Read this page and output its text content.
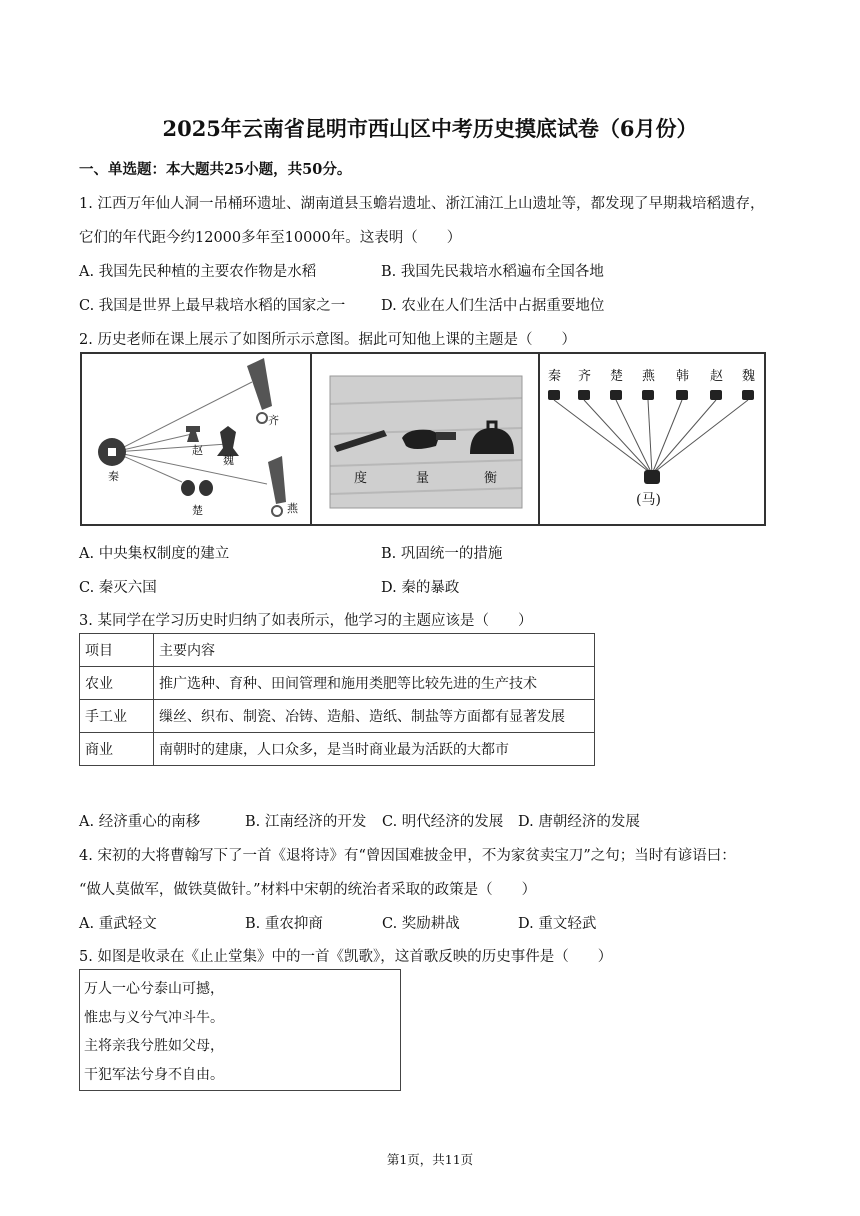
2025年云南省昆明市西山区中考历史摸底试卷（6月份）
一、单选题：本大题共25小题，共50分。
1. 江西万年仙人洞一吊桶环遗址、湖南道县玉蟾岩遗址、浙江浦江上山遗址等，都发现了早期栽培稻遗存，
它们的年代距今约12000多年至10000年。这表明（　　）
A. 我国先民种植的主要农作物是水稻	B. 我国先民栽培水稻遍布全国各地
C. 我国是世界上最早栽培水稻的国家之一 D. 农业在人们生活中占据重要地位
2. 历史老师在课上展示了如图所示示意图。据此可知他上课的主题是（　　）
秦
齐
赵
魏
楚	燕
度	量	衡
秦 齐 楚 燕 韩 赵 魏
(马)
A. 中央集权制度的建立	B. 巩固统一的措施
C. 秦灭六国	D. 秦的暴政
3. 某同学在学习历史时归纳了如表所示，他学习的主题应该是（　　）
项目	主要内容
农业	推广选种、育种、田间管理和施用类肥等比较先进的生产技术
手工业	缫丝、织布、制瓷、冶铸、造船、造纸、制盐等方面都有显著发展
商业	南朝时的建康，人口众多，是当时商业最为活跃的大都市
A. 经济重心的南移	B. 江南经济的开发 C. 明代经济的发展 D. 唐朝经济的发展
4. 宋初的大将曹翰写下了一首《退将诗》有“曾因国难披金甲，不为家贫卖宝刀”之句；当时有谚语曰：
“做人莫做军，做铁莫做针。”材料中宋朝的统治者采取的政策是（　　）
A. 重武轻文	B. 重农抑商	C. 奖励耕战	D. 重文轻武
5. 如图是收录在《止止堂集》中的一首《凯歌》，这首歌反映的历史事件是（　　）
万人一心兮泰山可撼，
惟忠与义兮气冲斗牛。
主将亲我兮胜如父母，
干犯军法兮身不自由。
第1页，共11页
